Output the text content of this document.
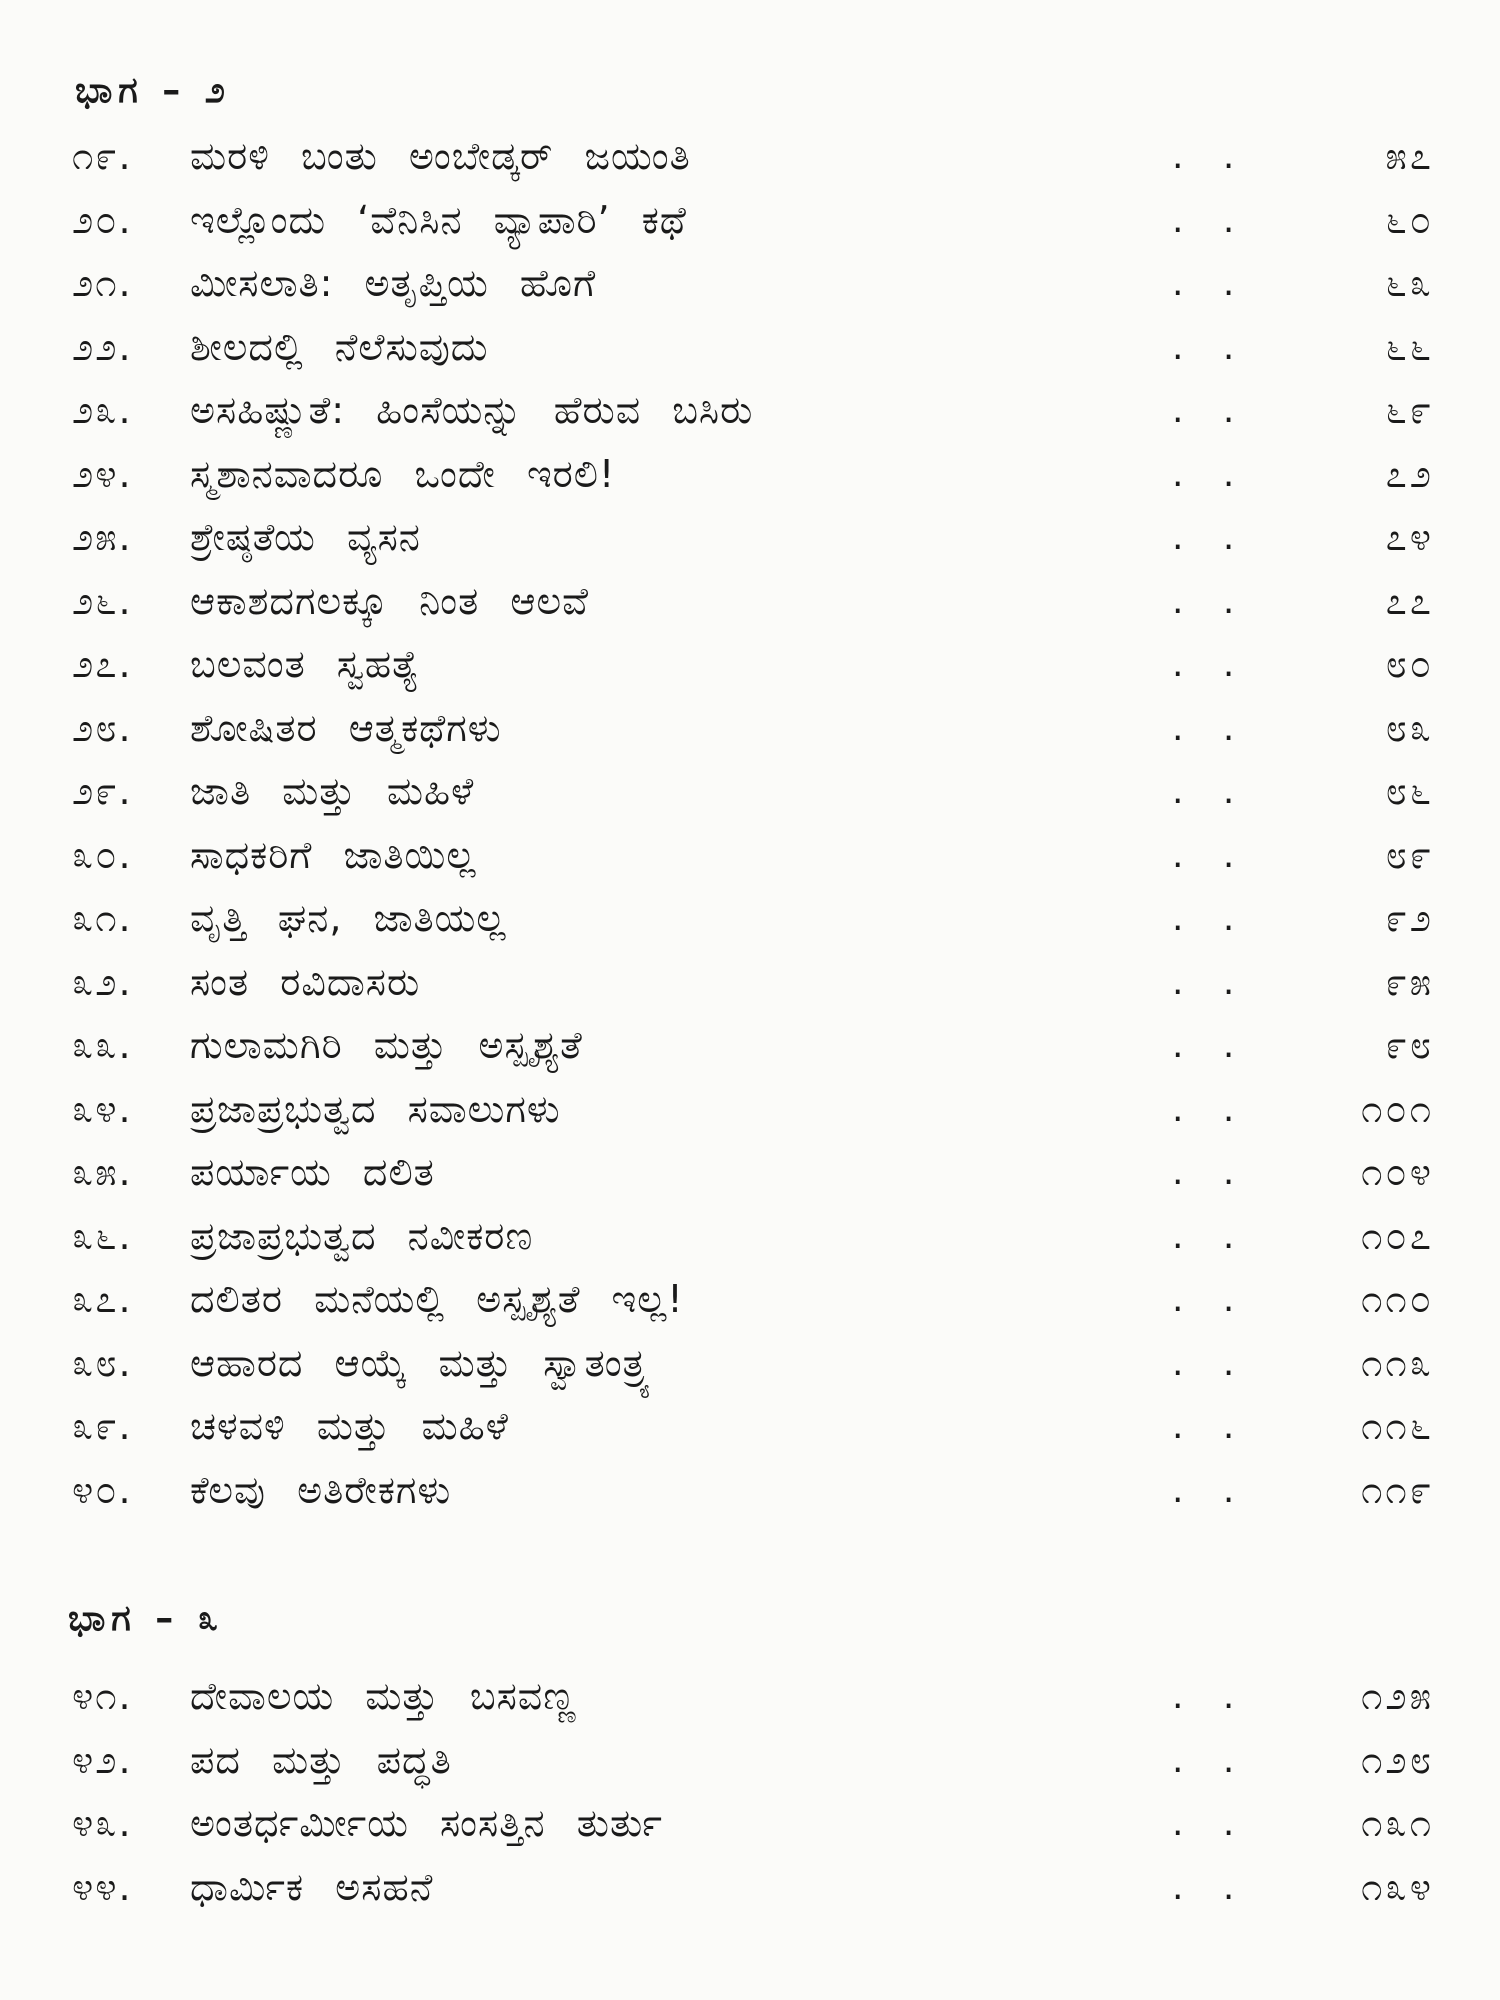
ಭಾಗ – ೨
೧೯.	ಮರಳಿ ಬಂತು ಅಂಬೇಡ್ಕರ್ ಜಯಂತಿ	. .	೫೭
೨೦.	ಇಲ್ಲೊಂದು ‘ವೆನಿಸಿನ ವ್ಯಾಪಾರಿ’ ಕಥೆ	. .	೬೦
೨೧.	ಮೀಸಲಾತಿ: ಅತೃಪ್ತಿಯ ಹೊಗೆ	. .	೬೩
೨೨.	ಶೀಲದಲ್ಲಿ ನೆಲೆಸುವುದು	. .	೬೬
೨೩.	ಅಸಹಿಷ್ಣುತೆ: ಹಿಂಸೆಯನ್ನು ಹೆರುವ ಬಸಿರು	. .	೬೯
೨೪.	ಸ್ಮಶಾನವಾದರೂ ಒಂದೇ ಇರಲಿ!	. .	೭೨
೨೫.	ಶ್ರೇಷ್ಠತೆಯ ವ್ಯಸನ	. .	೭೪
೨೬.	ಆಕಾಶದಗಲಕ್ಕೂ ನಿಂತ ಆಲವೆ	. .	೭೭
೨೭.	ಬಲವಂತ ಸ್ವಹತ್ಯೆ	. .	೮೦
೨೮.	ಶೋಷಿತರ ಆತ್ಮಕಥೆಗಳು	. .	೮೩
೨೯.	ಜಾತಿ ಮತ್ತು ಮಹಿಳೆ	. .	೮೬
೩೦.	ಸಾಧಕರಿಗೆ ಜಾತಿಯಿಲ್ಲ	. .	೮೯
೩೧.	ವೃತ್ತಿ ಘನ, ಜಾತಿಯಲ್ಲ	. .	೯೨
೩೨.	ಸಂತ ರವಿದಾಸರು	. .	೯೫
೩೩.	ಗುಲಾಮಗಿರಿ ಮತ್ತು ಅಸ್ಪೃಶ್ಯತೆ	. .	೯೮
೩೪.	ಪ್ರಜಾಪ್ರಭುತ್ವದ ಸವಾಲುಗಳು	. .	೧೦೧
೩೫.	ಪರ್ಯಾಯ ದಲಿತ	. .	೧೦೪
೩೬.	ಪ್ರಜಾಪ್ರಭುತ್ವದ ನವೀಕರಣ	. .	೧೦೭
೩೭.	ದಲಿತರ ಮನೆಯಲ್ಲಿ ಅಸ್ಪೃಶ್ಯತೆ ಇಲ್ಲ!	. .	೧೧೦
೩೮.	ಆಹಾರದ ಆಯ್ಕೆ ಮತ್ತು ಸ್ವಾತಂತ್ರ್ಯ	. .	೧೧೩
೩೯.	ಚಳವಳಿ ಮತ್ತು ಮಹಿಳೆ	. .	೧೧೬
೪೦.	ಕೆಲವು ಅತಿರೇಕಗಳು	. .	೧೧೯
ಭಾಗ – ೩
೪೧.	ದೇವಾಲಯ ಮತ್ತು ಬಸವಣ್ಣ	. .	೧೨೫
೪೨.	ಪದ ಮತ್ತು ಪದ್ಧತಿ	. .	೧೨೮
೪೩.	ಅಂತರ್ಧರ್ಮೀಯ ಸಂಸತ್ತಿನ ತುರ್ತು	. .	೧೩೧
೪೪.	ಧಾರ್ಮಿಕ ಅಸಹನೆ	. .	೧೩೪
